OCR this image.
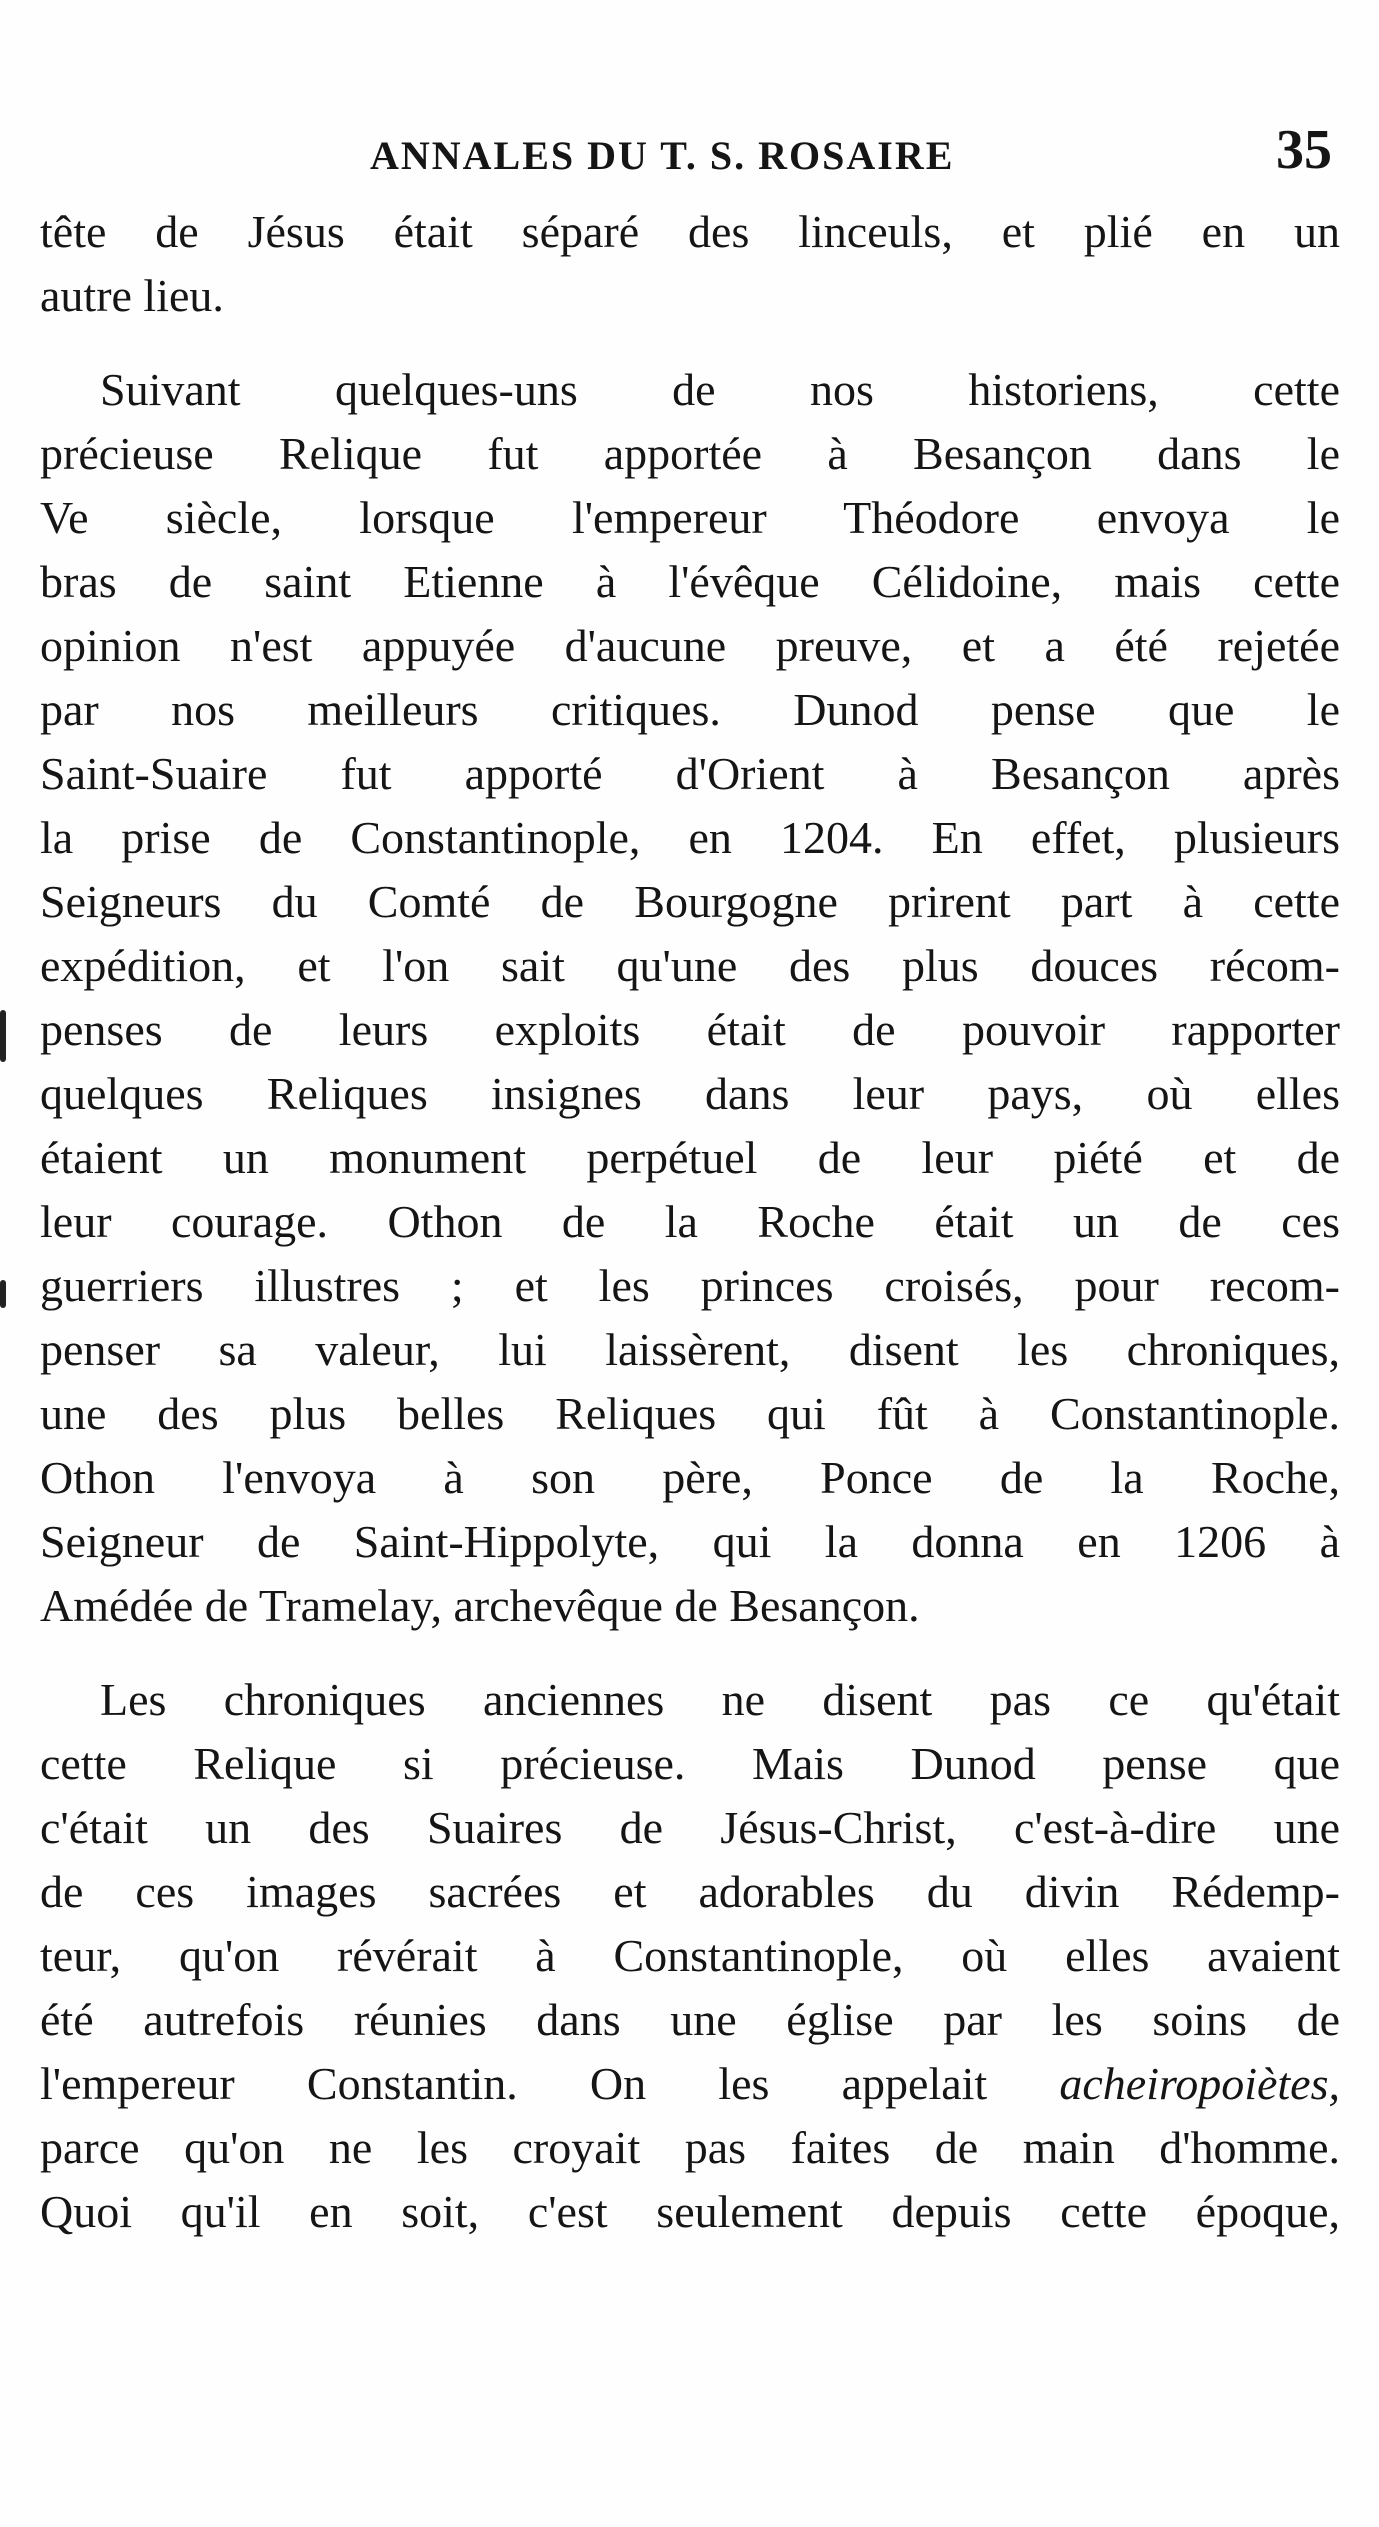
ANNALES DU T. S. ROSAIRE	35
tête de Jésus était séparé des linceuls, et plié en un
autre lieu.
Suivant quelques-uns de nos historiens, cette
précieuse Relique fut apportée à Besançon dans le
Ve siècle, lorsque l'empereur Théodore envoya le
bras de saint Etienne à l'évêque Célidoine, mais cette
opinion n'est appuyée d'aucune preuve, et a été rejetée
par nos meilleurs critiques. Dunod pense que le
Saint-Suaire fut apporté d'Orient à Besançon après
la prise de Constantinople, en 1204. En effet, plusieurs
Seigneurs du Comté de Bourgogne prirent part à cette
expédition, et l'on sait qu'une des plus douces récom-
penses de leurs exploits était de pouvoir rapporter
quelques Reliques insignes dans leur pays, où elles
étaient un monument perpétuel de leur piété et de
leur courage. Othon de la Roche était un de ces
guerriers illustres ; et les princes croisés, pour recom-
penser sa valeur, lui laissèrent, disent les chroniques,
une des plus belles Reliques qui fût à Constantinople.
Othon l'envoya à son père, Ponce de la Roche,
Seigneur de Saint-Hippolyte, qui la donna en 1206 à
Amédée de Tramelay, archevêque de Besançon.
Les chroniques anciennes ne disent pas ce qu'était
cette Relique si précieuse. Mais Dunod pense que
c'était un des Suaires de Jésus-Christ, c'est-à-dire une
de ces images sacrées et adorables du divin Rédemp-
teur, qu'on révérait à Constantinople, où elles avaient
été autrefois réunies dans une église par les soins de
l'empereur Constantin. On les appelait acheiropoiètes,
parce qu'on ne les croyait pas faites de main d'homme.
Quoi qu'il en soit, c'est seulement depuis cette époque,
